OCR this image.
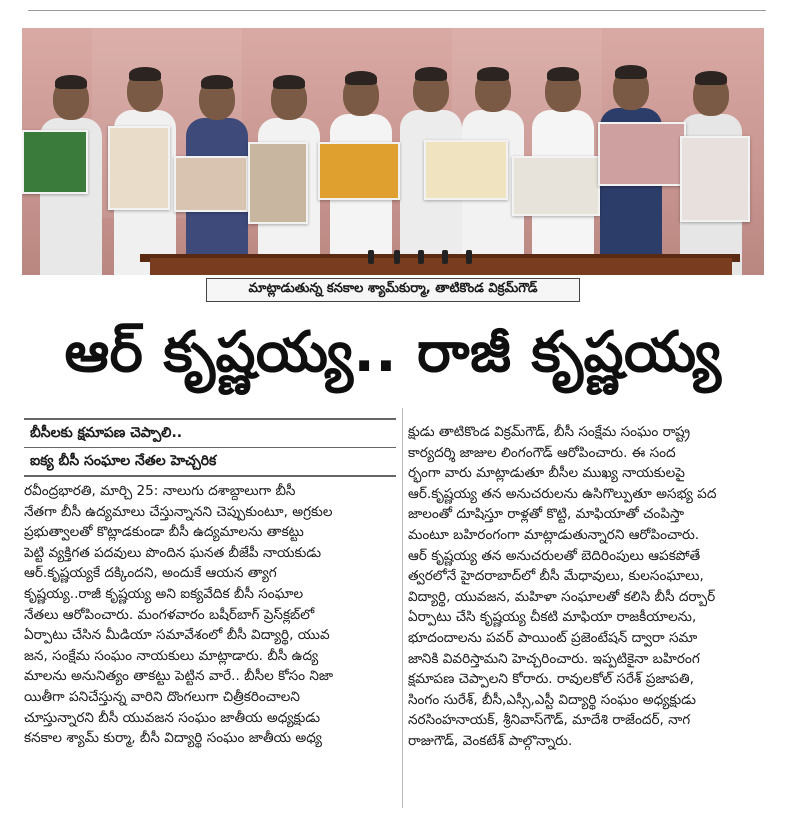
మాట్లాడుతున్న కనకాల శ్యామ్‌కుర్మా, తాటికొండ విక్రమ్‌గౌడ్
ఆర్ కృష్ణయ్య.. రాజీ కృష్ణయ్య
బీసీలకు క్షమాపణ చెప్పాలి..
ఐక్య బీసీ సంఘాల నేతల హెచ్చరిక

రవీంద్రభారతి, మార్చి 25: నాలుగు దశాబ్దాలుగా బీసీ
నేతగా బీసీ ఉద్యమాలు చేస్తున్నానని చెప్పుకుంటూ, అగ్రకుల
ప్రభుత్వాలతో కొట్లాడకుండా బీసీ ఉద్యమాలను తాకట్టు
పెట్టి వ్యక్తిగత పదవులు పొందిన ఘనత బీజేపీ నాయకుడు
ఆర్.కృష్ణయ్యకే దక్కిందని, అందుకే ఆయన త్యాగ
కృష్ణయ్య..రాజీ కృష్ణయ్య అని ఐక్యవేదిక బీసీ సంఘాల
నేతలు ఆరోపించారు. మంగళవారం బషీర్‌బాగ్ ప్రెస్‌క్లబ్‌లో
ఏర్పాటు చేసిన మీడియా సమావేశంలో బీసీ విద్యార్థి, యువ
జన, సంక్షేమ సంఘం నాయకులు మాట్లాడారు. బీసీ ఉద్య
మాలను అనునిత్యం తాకట్టు పెట్టిన వారే.. బీసీల కోసం నిజా
యితీగా పనిచేస్తున్న వారిని దొంగలుగా చిత్రీకరించాలని
చూస్తున్నారని బీసీ యువజన సంఘం జాతీయ అధ్యక్షుడు
కనకాల శ్యామ్ కుర్మా, బీసీ విద్యార్థి సంఘం జాతీయ అధ్య

క్షుడు తాటికొండ విక్రమ్‌గౌడ్, బీసీ సంక్షేమ సంఘం రాష్ట్ర
కార్యదర్శి జాజుల లింగంగౌడ్ ఆరోపించారు. ఈ సంద
ర్భంగా వారు మాట్లాడుతూ బీసీల ముఖ్య నాయకులపై
ఆర్.కృష్ణయ్య తన అనుచరులను ఉసిగొల్పుతూ అసభ్య పద
జాలంతో దూషిస్తూ రాళ్లతో కొట్టి, మాఫియాతో చంపిస్తా
మంటూ బహిరంగంగా మాట్లాడుతున్నారని ఆరోపించారు.
ఆర్ కృష్ణయ్య తన అనుచరులతో బెదిరింపులు ఆపకపోతే
త్వరలోనే హైదరాబాద్‌లో బీసీ మేధావులు, కులసంఘాలు,
విద్యార్థి, యువజన, మహిళా సంఘాలతో కలిసి బీసీ దర్బార్
ఏర్పాటు చేసి కృష్ణయ్య చీకటి మాఫియా రాజకీయాలను,
భూదందాలను పవర్ పాయింట్ ప్రజెంటేషన్ ద్వారా సమా
జానికి వివరిస్తామని హెచ్చరించారు. ఇప్పటికైనా బహిరంగ
క్షమాపణ చెప్పాలని కోరారు. రావులకోల్ సరేశ్ ప్రజాపతి,
సింగం సురేశ్, బీసీ,ఎస్సీ,ఎస్టీ విద్యార్థి సంఘం అధ్యక్షుడు
నరసింహనాయక్, శ్రీనివాస్‌గౌడ్, మాదేశి రాజేందర్, నాగ
రాజుగౌడ్, వెంకటేశ్ పాల్గొన్నారు.
